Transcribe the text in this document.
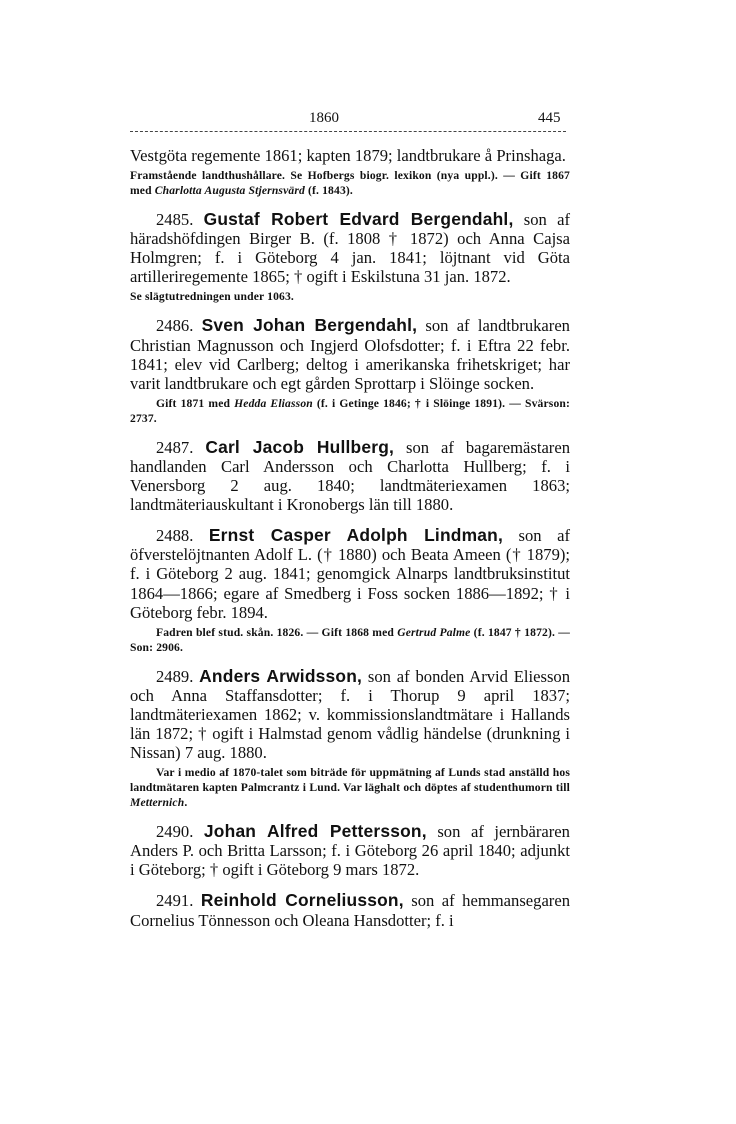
1860	445

Vestgöta regemente 1861; kapten 1879; landtbrukare å Prinshaga.

Framstående landthushållare. Se Hofbergs biogr. lexikon (nya uppl.). — Gift 1867 med Charlotta Augusta Stjernsvärd (f. 1843).

2485. Gustaf Robert Edvard Bergendahl, son af häradshöfdingen Birger B. (f. 1808 † 1872) och Anna Cajsa Holmgren; f. i Göteborg 4 jan. 1841; löjtnant vid Göta artilleriregemente 1865; † ogift i Eskilstuna 31 jan. 1872.

Se slägtutredningen under 1063.

2486. Sven Johan Bergendahl, son af landtbrukaren Christian Magnusson och Ingjerd Olofsdotter; f. i Eftra 22 febr. 1841; elev vid Carlberg; deltog i amerikanska frihetskriget; har varit landtbrukare och egt gården Sprottarp i Slöinge socken.

Gift 1871 med Hedda Eliasson (f. i Getinge 1846; † i Slöinge 1891). — Svärson: 2737.

2487. Carl Jacob Hullberg, son af bagaremästaren handlanden Carl Andersson och Charlotta Hullberg; f. i Venersborg 2 aug. 1840; landtmäteriexamen 1863; landtmäteriauskultant i Kronobergs län till 1880.

2488. Ernst Casper Adolph Lindman, son af öfverstelöjtnanten Adolf L. († 1880) och Beata Ameen († 1879); f. i Göteborg 2 aug. 1841; genomgick Alnarps landtbruksinstitut 1864—1866; egare af Smedberg i Foss socken 1886—1892; † i Göteborg febr. 1894.

Fadren blef stud. skån. 1826. — Gift 1868 med Gertrud Palme (f. 1847 † 1872). — Son: 2906.

2489. Anders Arwidsson, son af bonden Arvid Eliesson och Anna Staffansdotter; f. i Thorup 9 april 1837; landtmäteriexamen 1862; v. kommissionslandtmätare i Hallands län 1872; † ogift i Halmstad genom vådlig händelse (drunkning i Nissan) 7 aug. 1880.

Var i medio af 1870-talet som biträde för uppmätning af Lunds stad anställd hos landtmätaren kapten Palmcrantz i Lund. Var läghalt och döptes af studenthumorn till Metternich.

2490. Johan Alfred Pettersson, son af jernbäraren Anders P. och Britta Larsson; f. i Göteborg 26 april 1840; adjunkt i Göteborg; † ogift i Göteborg 9 mars 1872.

2491. Reinhold Corneliusson, son af hemmansegaren Cornelius Tönnesson och Oleana Hansdotter; f. i
